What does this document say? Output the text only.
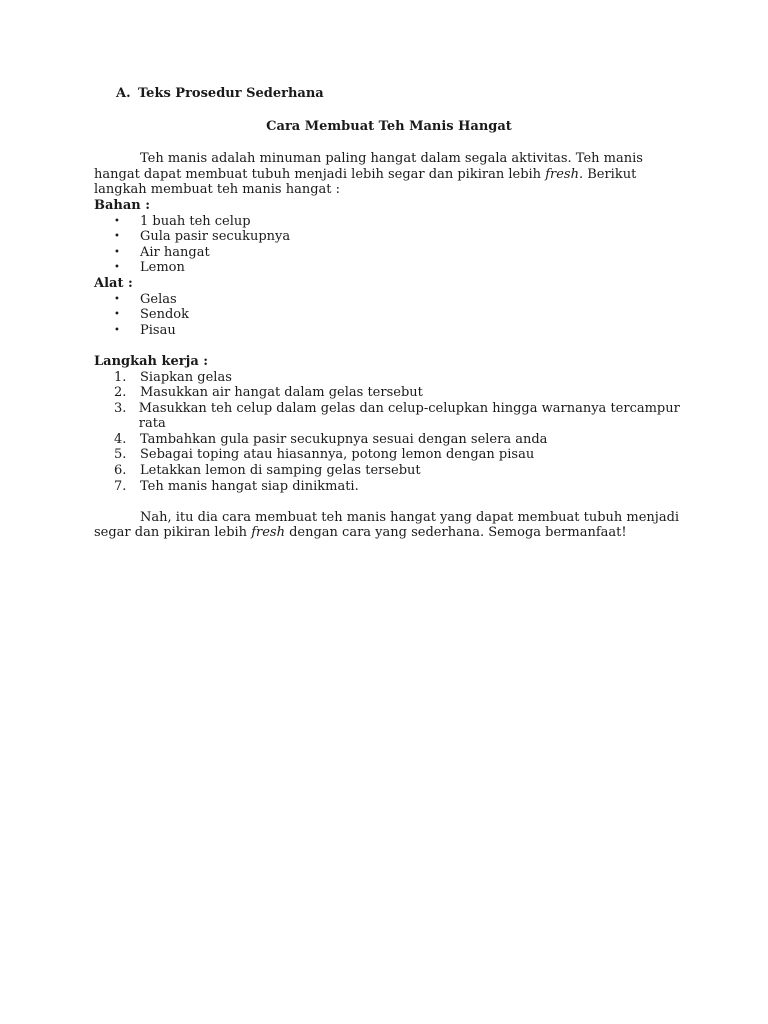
A. Teks Prosedur Sederhana
Cara Membuat Teh Manis Hangat

Teh manis adalah minuman paling hangat dalam segala aktivitas. Teh manis hangat dapat membuat tubuh menjadi lebih segar dan pikiran lebih fresh. Berikut langkah membuat teh manis hangat :

Bahan :
•	1 buah teh celup
•	Gula pasir secukupnya
•	Air hangat
•	Lemon
Alat :
•	Gelas
•	Sendok
•	Pisau
Langkah kerja :
1.	Siapkan gelas
2.	Masukkan air hangat dalam gelas tersebut
3. Masukkan teh celup dalam gelas dan celup-celupkan hingga warnanya tercampur rata
4.	Tambahkan gula pasir secukupnya sesuai dengan selera anda
5.	Sebagai toping atau hiasannya, potong lemon dengan pisau
6.	Letakkan lemon di samping gelas tersebut
7.	Teh manis hangat siap dinikmati.

Nah, itu dia cara membuat teh manis hangat yang dapat membuat tubuh menjadi segar dan pikiran lebih fresh dengan cara yang sederhana. Semoga bermanfaat!
